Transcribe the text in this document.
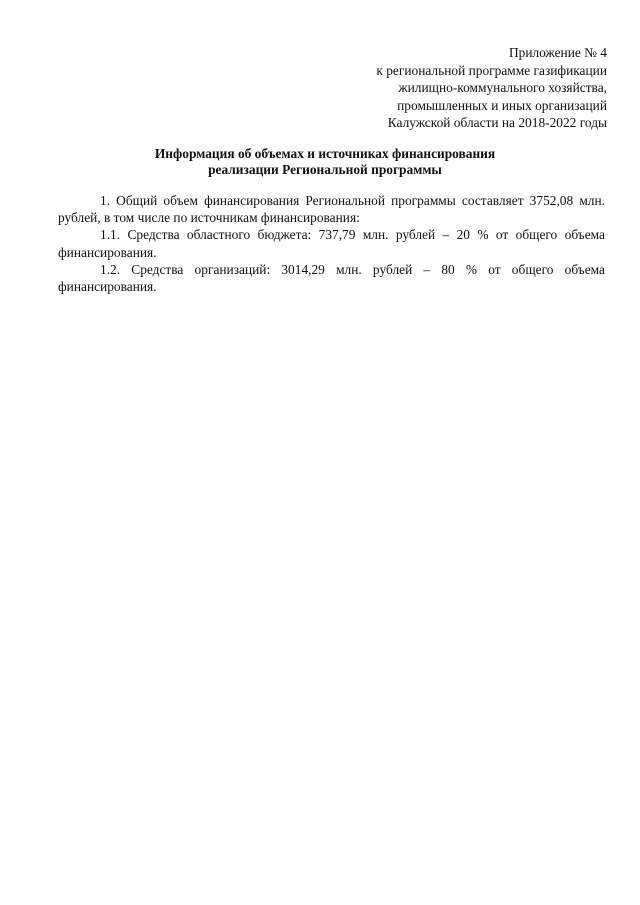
Приложение № 4
к региональной программе газификации
жилищно-коммунального хозяйства,
промышленных и иных организаций
Калужской области на 2018-2022 годы
Информация об объемах и источниках финансирования
реализации Региональной программы

1. Общий объем финансирования Региональной программы составляет 3752,08 млн. рублей, в том числе по источникам финансирования:

1.1. Средства областного бюджета: 737,79 млн. рублей – 20 % от общего объема финансирования.

1.2. Средства организаций: 3014,29 млн. рублей – 80 % от общего объема финансирования.
